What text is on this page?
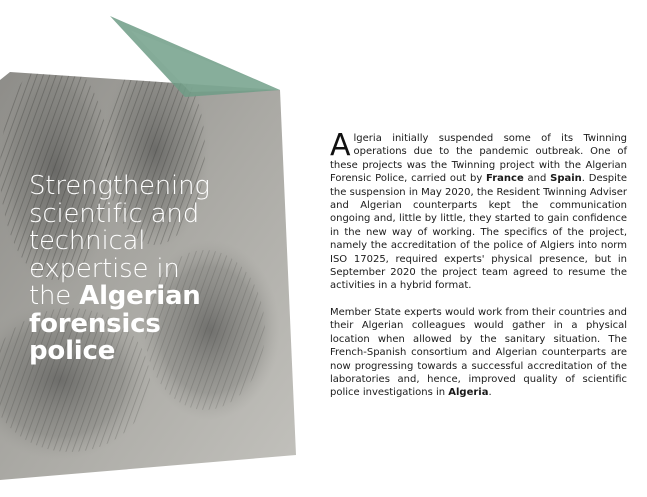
Strengthening
scientific and
technical
expertise in
the Algerian
forensics
police

Algeria initially suspended some of its Twinning operations due to the pandemic outbreak. One of these projects was the Twinning project with the Algerian Forensic Police, carried out by France and Spain. Despite the suspension in May 2020, the Resident Twinning Adviser and Algerian counterparts kept the communication ongoing and, little by little, they started to gain confidence in the new way of working. The specifics of the project, namely the accreditation of the police of Algiers into norm ISO 17025, required experts' physical presence, but in September 2020 the project team agreed to resume the activities in a hybrid format.

Member State experts would work from their countries and their Algerian colleagues would gather in a physical location when allowed by the sanitary situation. The French-Spanish consortium and Algerian counterparts are now progressing towards a successful accreditation of the laboratories and, hence, improved quality of scientific police investigations in Algeria.
